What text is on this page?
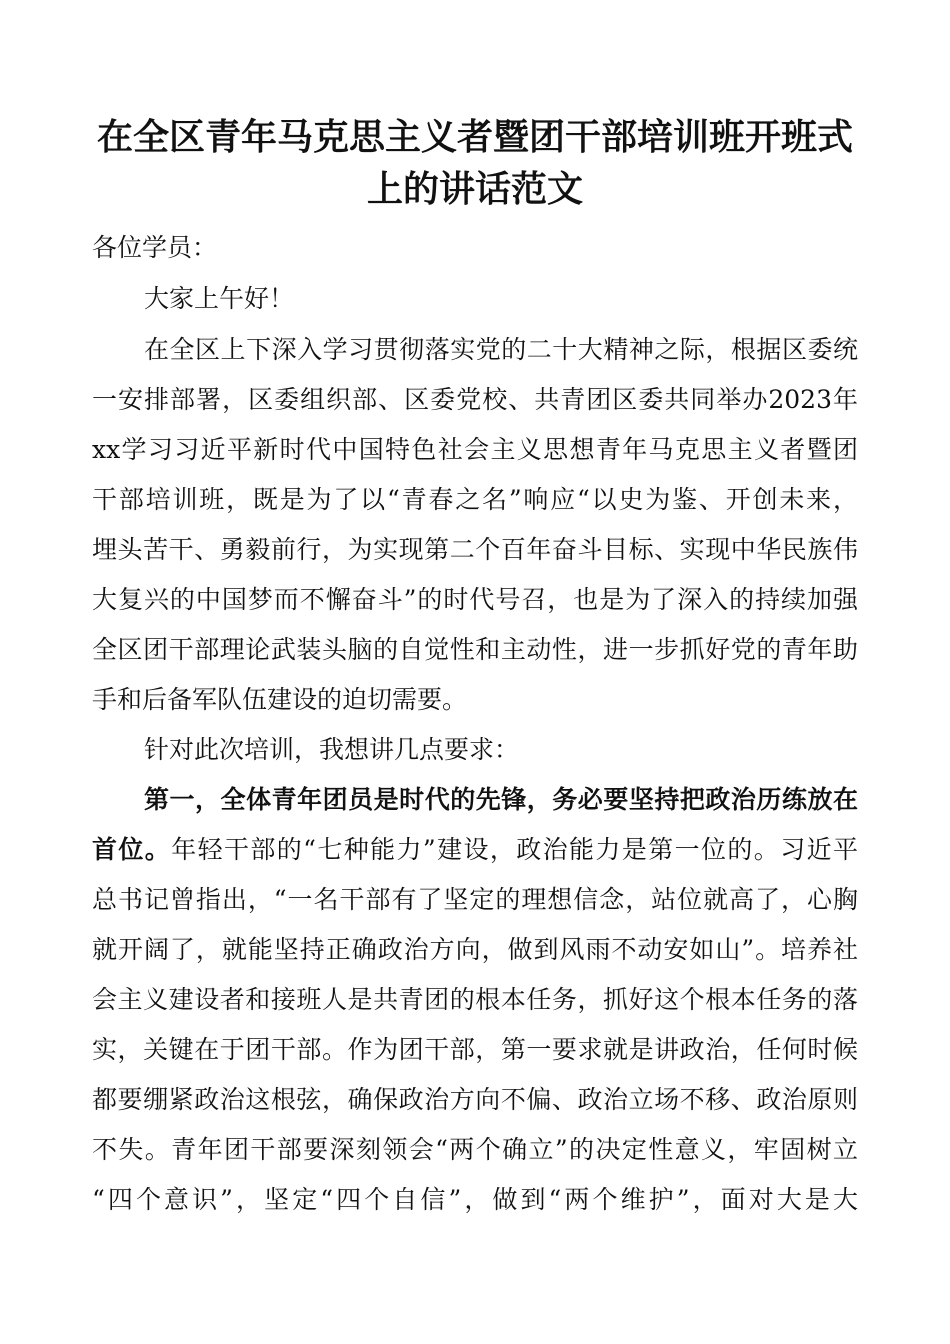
在全区青年马克思主义者暨团干部培训班开班式
上的讲话范文
各位学员：
大家上午好！
在全区上下深入学习贯彻落实党的二十大精神之际，根据区委统
一安排部署，区委组织部、区委党校、共青团区委共同举办2023年
xx学习习近平新时代中国特色社会主义思想青年马克思主义者暨团
干部培训班，既是为了以“青春之名”响应“以史为鉴、开创未来，
埋头苦干、勇毅前行，为实现第二个百年奋斗目标、实现中华民族伟
大复兴的中国梦而不懈奋斗”的时代号召，也是为了深入的持续加强
全区团干部理论武装头脑的自觉性和主动性，进一步抓好党的青年助
手和后备军队伍建设的迫切需要。
针对此次培训，我想讲几点要求：
第一，全体青年团员是时代的先锋，务必要坚持把政治历练放在
首位。年轻干部的“七种能力”建设，政治能力是第一位的。习近平
总书记曾指出，“一名干部有了坚定的理想信念，站位就高了，心胸
就开阔了，就能坚持正确政治方向，做到风雨不动安如山”。培养社
会主义建设者和接班人是共青团的根本任务，抓好这个根本任务的落
实，关键在于团干部。作为团干部，第一要求就是讲政治，任何时候
都要绷紧政治这根弦，确保政治方向不偏、政治立场不移、政治原则
不失。青年团干部要深刻领会“两个确立”的决定性意义，牢固树立
“四个意识”，坚定“四个自信”，做到“两个维护”，面对大是大
